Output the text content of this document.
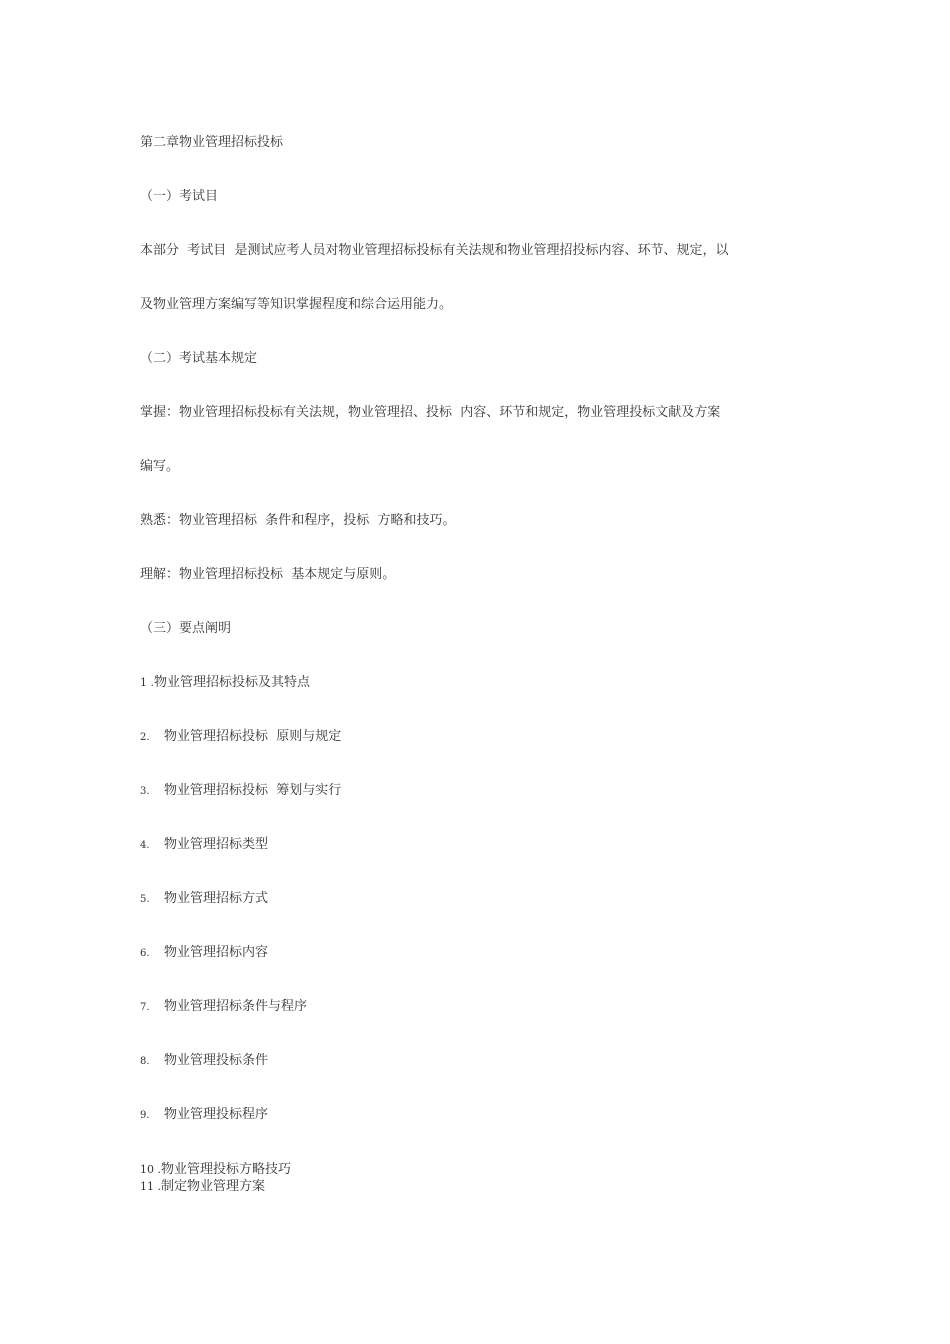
第二章物业管理招标投标
（一）考试目
本部分  考试目  是测试应考人员对物业管理招标投标有关法规和物业管理招投标内容、环节、规定，以
及物业管理方案编写等知识掌握程度和综合运用能力。
（二）考试基本规定
掌握：物业管理招标投标有关法规，物业管理招、投标  内容、环节和规定，物业管理投标文献及方案
编写。
熟悉：物业管理招标  条件和程序，投标  方略和技巧。
理解：物业管理招标投标  基本规定与原则。
（三）要点阐明
1 .物业管理招标投标及其特点
2. 物业管理招标投标  原则与规定
3. 物业管理招标投标  筹划与实行
4. 物业管理招标类型
5. 物业管理招标方式
6. 物业管理招标内容
7. 物业管理招标条件与程序
8. 物业管理投标条件
9. 物业管理投标程序
10 .物业管理投标方略技巧
11 .制定物业管理方案
